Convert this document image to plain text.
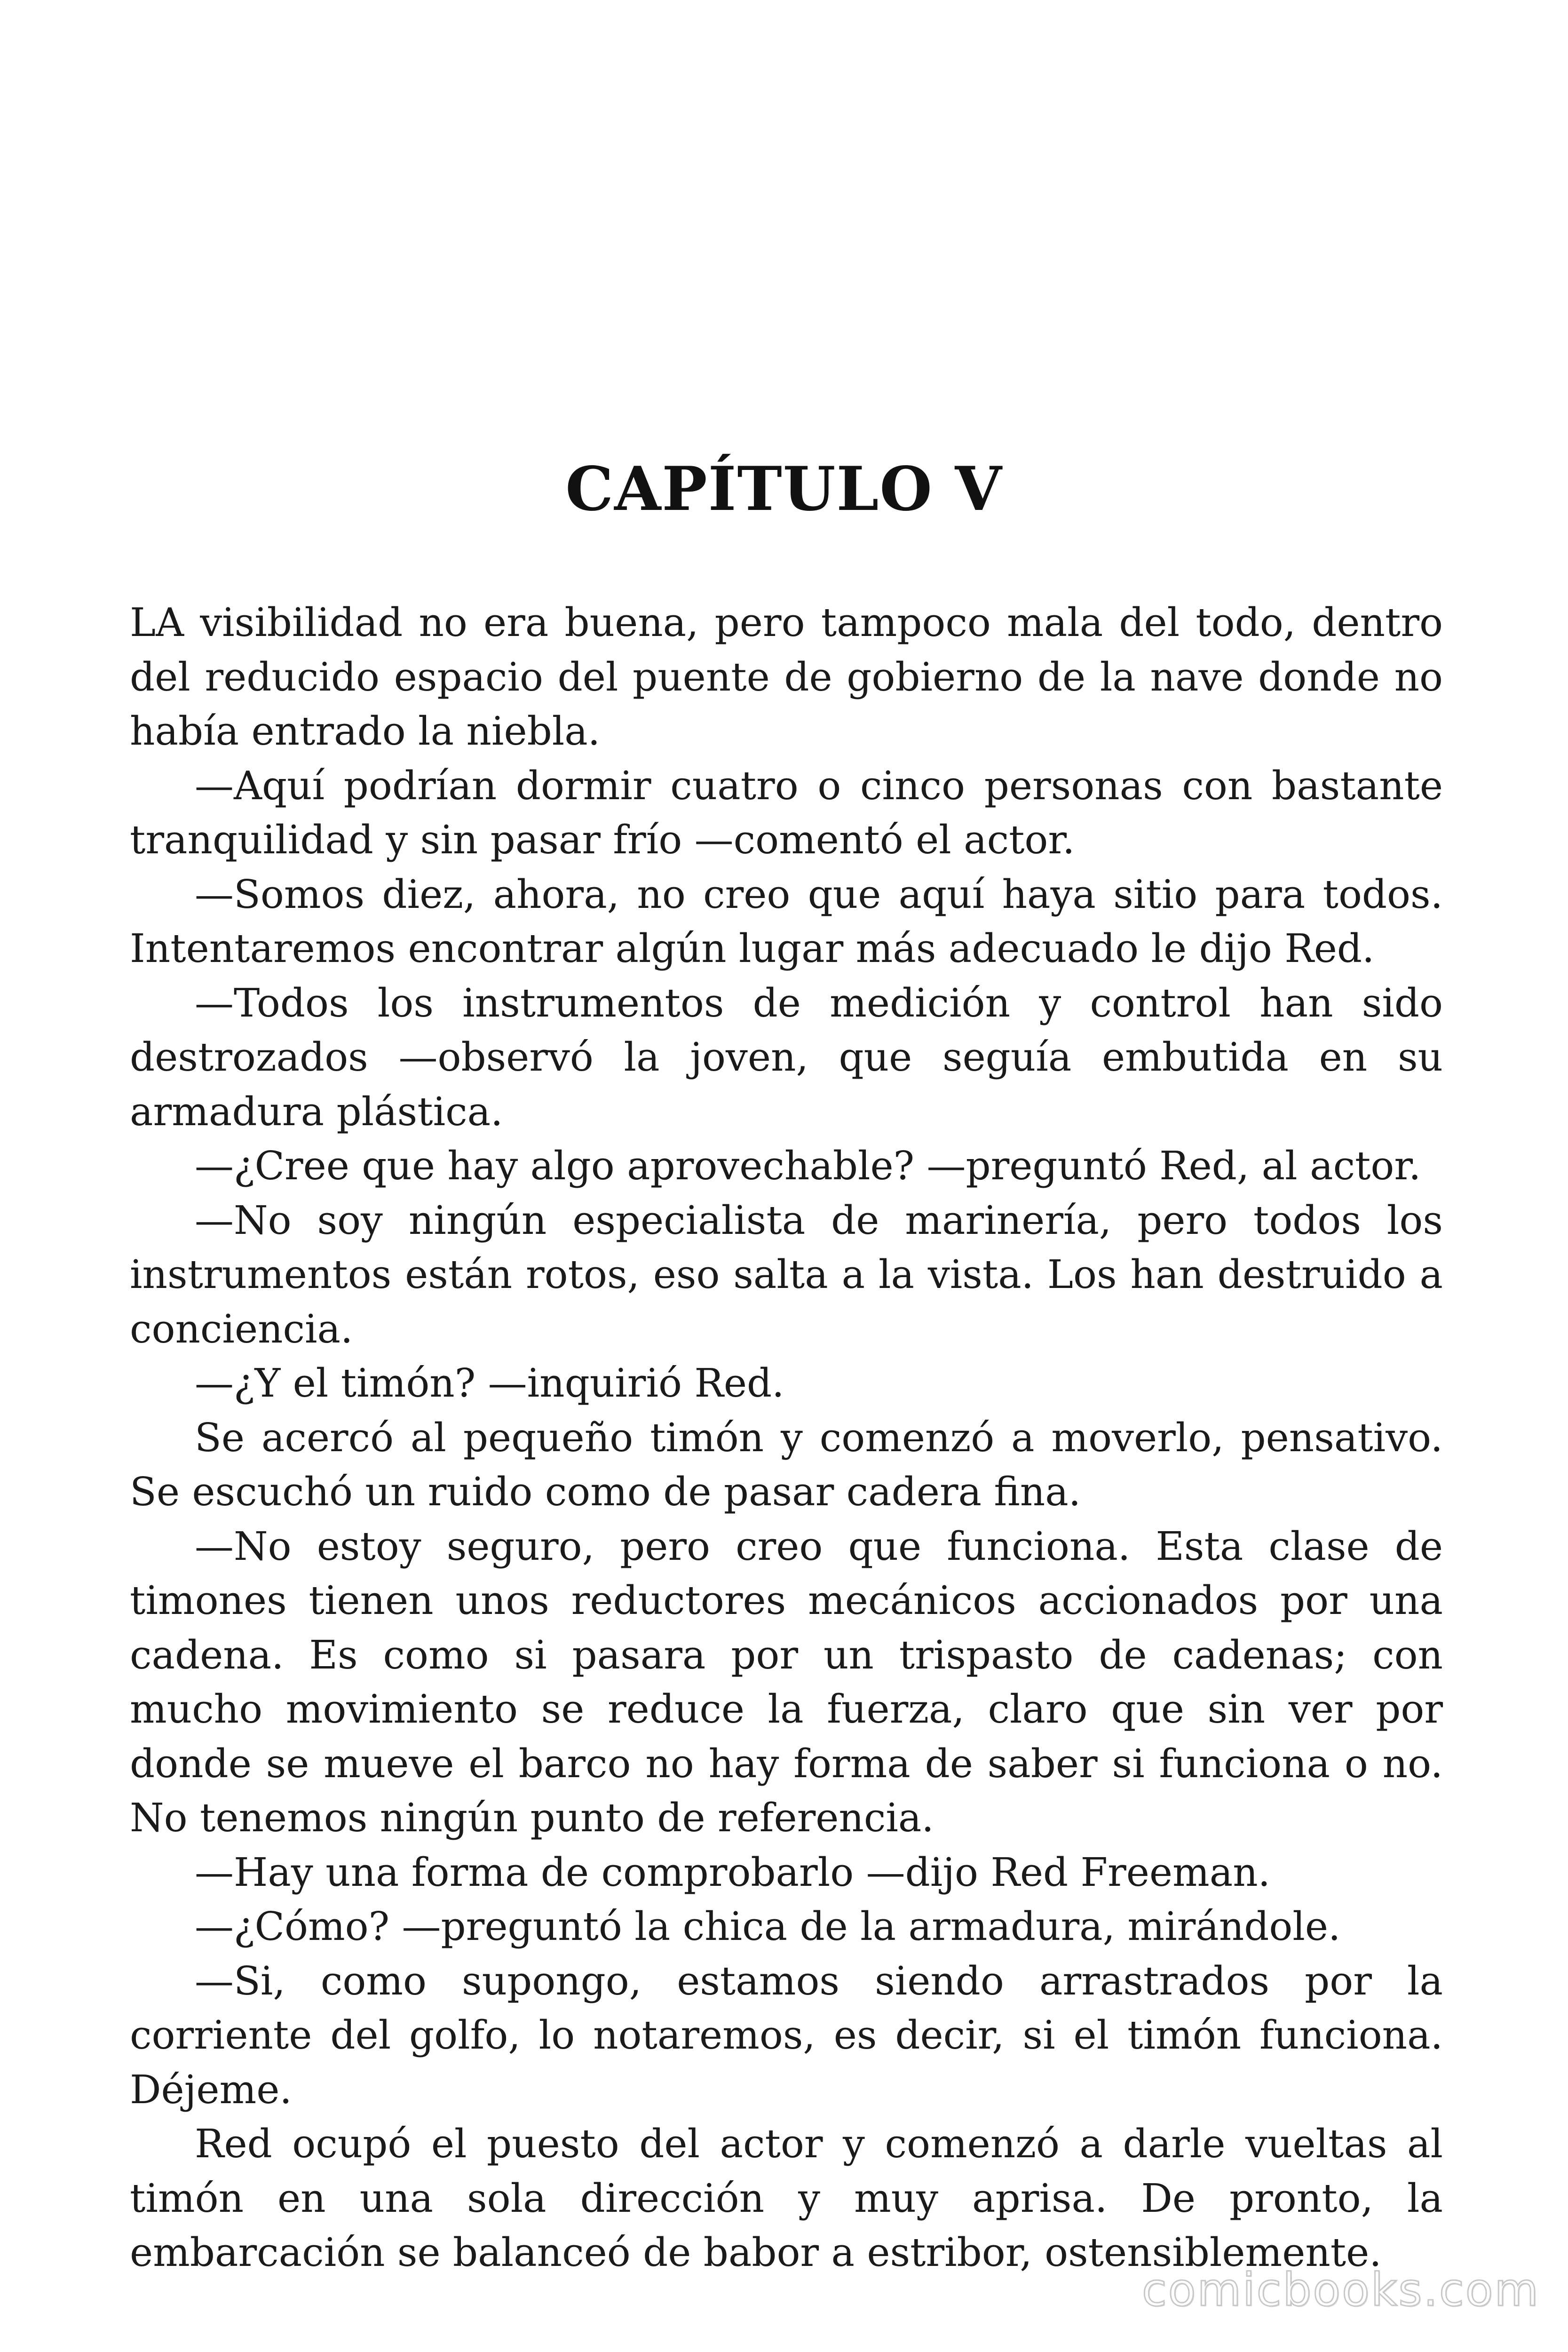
CAPÍTULO V

LA visibilidad no era buena, pero tampoco mala del todo, dentro del reducido espacio del puente de gobierno de la nave donde no había entrado la niebla.

—Aquí podrían dormir cuatro o cinco personas con bastante tranquilidad y sin pasar frío —comentó el actor.

—Somos diez, ahora, no creo que aquí haya sitio para todos. Intentaremos encontrar algún lugar más adecuado le dijo Red.

—Todos los instrumentos de medición y control han sido destrozados —observó la joven, que seguía embutida en su armadura plástica.

—¿Cree que hay algo aprovechable? —preguntó Red, al actor.

—No soy ningún especialista de marinería, pero todos los instrumentos están rotos, eso salta a la vista. Los han destruido a conciencia.

—¿Y el timón? —inquirió Red.

Se acercó al pequeño timón y comenzó a moverlo, pensativo. Se escuchó un ruido como de pasar cadera fina.

—No estoy seguro, pero creo que funciona. Esta clase de timones tienen unos reductores mecánicos accionados por una cadena. Es como si pasara por un trispasto de cadenas; con mucho movimiento se reduce la fuerza, claro que sin ver por donde se mueve el barco no hay forma de saber si funciona o no. No tenemos ningún punto de referencia.

—Hay una forma de comprobarlo —dijo Red Freeman.

—¿Cómo? —preguntó la chica de la armadura, mirándole.

—Si, como supongo, estamos siendo arrastrados por la corriente del golfo, lo notaremos, es decir, si el timón funciona. Déjeme.

Red ocupó el puesto del actor y comenzó a darle vueltas al timón en una sola dirección y muy aprisa. De pronto, la embarcación se balanceó de babor a estribor, ostensiblemente.

comicbooks.com
